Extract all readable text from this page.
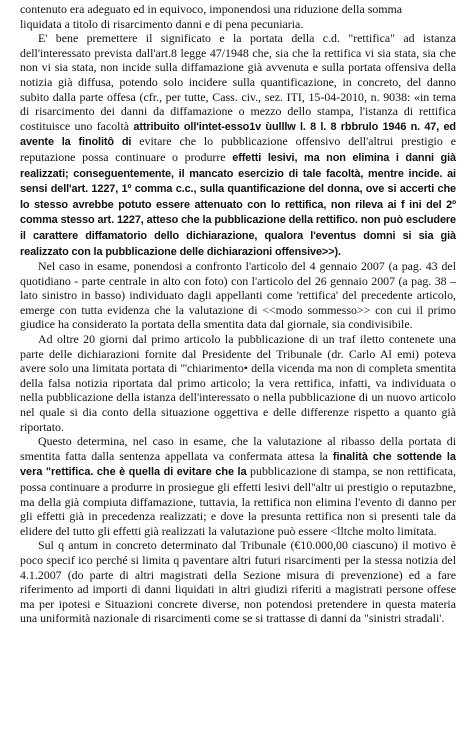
contenuto era adeguato ed in equivoco, imponendosi una riduzione della somma
liquidata a titolo di risarcimento danni e di pena pecuniaria.

E' bene premettere il significato e la portata della c.d. "rettifica" ad istanza dell'interessato prevista dall'art.8 legge 47/1948 che, sia che la rettifica vi sia stata, sia che non vi sia stata, non incide sulla diffamazione già avvenuta e sulla portata offensiva della notizia già diffusa, potendo solo incidere sulla quantificazione, in concreto, del danno subito dalla parte offesa (cfr., per tutte, Cass. civ., sez. ITI, 15-04-2010, n. 9038: «in tema di risarcimento dei danni da diffamazione o mezzo dello stampa, l'istanza di rettifica costituisce uno facoltà attribuito oll'intet-esso1v ùulllw l. 8 l. 8 rbbrulo 1946 n. 47, ed avente la finolitô di evitare che lo pubblicazione offensivo dell'altrui prestigio e reputazione possa continuare o produrre effetti lesivi, ma non elimina i danni già realizzati; conseguentemente, il mancato esercizio di tale facoltà, mentre incide. ai sensi dell'art. 1227, 1º comma c.c., sulla quantificazione del donna, ove si accerti che lo stesso avrebbe potuto essere attenuato con lo rettifica, non rileva ai f ini del 2º comma stesso art. 1227, atteso che la pubblicazione della rettifico. non può escludere il carattere diffamatorio dello dichiarazione, qualora l'eventus domni si sia già realizzato con la pubblicazione delle dichiarazioni offensive>>).

Nel caso in esame, ponendosi a confronto l'articolo del 4 gennaio 2007 (a pag. 43 del quotidiano - parte centrale in alto con foto) con l'articolo del 26 gennaio 2007 (a pag. 38 – lato sinistro in basso) individuato dagli appellanti come 'rettifica' del precedente articolo, emerge con tutta evidenza che la valutazione di <<modo sommesso>> con cui il primo giudice ha considerato la portata della smentita data dal giornale, sia condivisibile.

Ad oltre 20 giorni dal primo articolo la pubblicazione di un traf iletto contenete una parte delle dichiarazioni fornite dal Presidente del Tribunale (dr. Carlo Al emi) poteva avere solo una limitata portata di '''chiarimento• della vicenda ma non di completa smentita della falsa notizia riportata dal primo articolo; la vera rettifica, infatti, va individuata o nella pubblicazione della istanza dell'interessato o nella pubblicazione di un nuovo articolo nel quale si dia conto della situazione oggettiva e delle differenze rispetto a quanto già riportato.

Questo determina, nel caso in esame, che la valutazione al ribasso della portata di smentita fatta dalla sentenza appellata va confermata attesa la finalità che sottende la vera "rettifica. che è quella di evitare che la pubblicazione di stampa, se non rettificata, possa continuare a produrre in prosiegue gli effetti lesivi dell''altr ui prestigio o reputazbne, ma della già compiuta diffamazione, tuttavia, la rettifica non elimina l'evento di danno per gli effetti già in precedenza realizzati; e dove la presunta rettifica non si presenti tale da elidere del tutto gli effetti già realizzati la valutazione può essere <lltche molto limitata.

Sul q antum in concreto determinato dal Tribunale (€10.000,00 ciascuno) il motivo è poco specif ico perché si limita q paventare altri futuri risarcimenti per la stessa notizia del 4.1.2007 (do parte di altri magistrati della Sezione misura di prevenzione) ed a fare riferimento ad importi di danni liquidati in altri giudizi riferiti a magistrati persone offese ma per ipotesi e Situazioni concrete diverse, non potendosi pretendere in questa materia una uniformità nazionale di risarcimenti come se si trattasse di danni da "sinistri stradali'.
